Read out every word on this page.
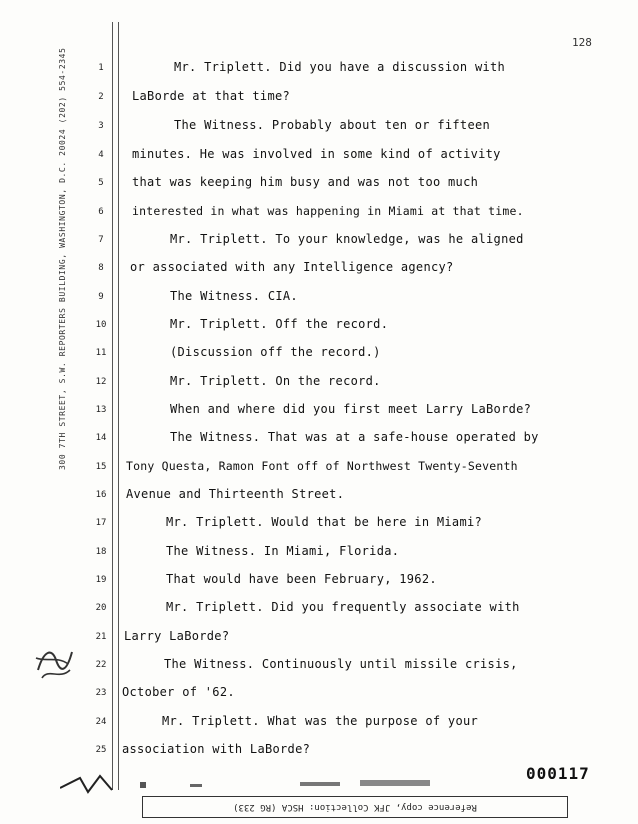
300 7TH STREET, S.W. REPORTERS BUILDING, WASHINGTON, D.C. 20024 (202) 554-2345
128
1
2
3
4
5
6
7
8
9
10
11
12
13
14
15
16
17
18
19
20
21
22
23
24
25
Mr. Triplett. Did you have a discussion with
LaBorde at that time?
The Witness. Probably about ten or fifteen
minutes. He was involved in some kind of activity
that was keeping him busy and was not too much
interested in what was happening in Miami at that time.
Mr. Triplett. To your knowledge, was he aligned
or associated with any Intelligence agency?
The Witness. CIA.
Mr. Triplett. Off the record.
(Discussion off the record.)
Mr. Triplett. On the record.
When and where did you first meet Larry LaBorde?
The Witness. That was at a safe-house operated by
Tony Questa, Ramon Font off of Northwest Twenty-Seventh
Avenue and Thirteenth Street.
Mr. Triplett. Would that be here in Miami?
The Witness. In Miami, Florida.
That would have been February, 1962.
Mr. Triplett. Did you frequently associate with
Larry LaBorde?
The Witness. Continuously until missile crisis,
October of '62.
Mr. Triplett. What was the purpose of your
association with LaBorde?
000117
Reference copy, JFK Collection: HSCA (RG 233)
